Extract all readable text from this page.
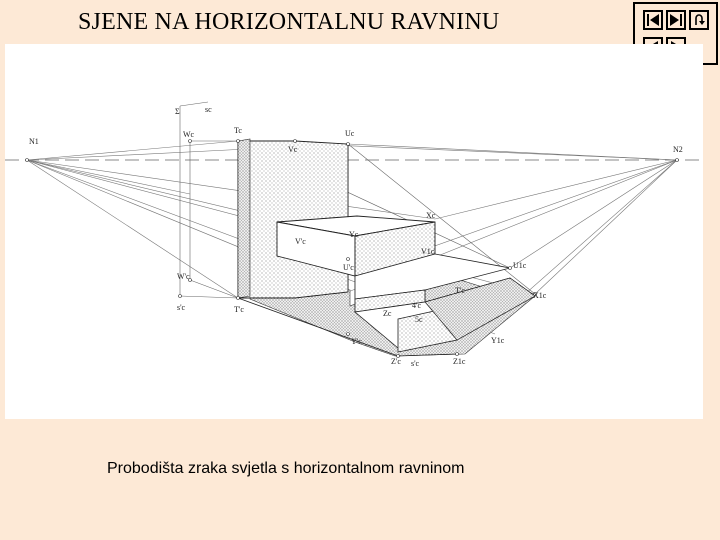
SJENE NA HORIZONTALNU RAVNINU
N1
N2
Σ	sc
Wc	Tc	Uc
Vc
Xc
V'c
Yc
V1c
U'c	U1c
W'c
T'c
X1c
s'c	T'c	4'c
Zc
5c
Y'c	Y1c
Z'c s'c	Z1c
Probodišta zraka svjetla s horizontalnom ravninom
